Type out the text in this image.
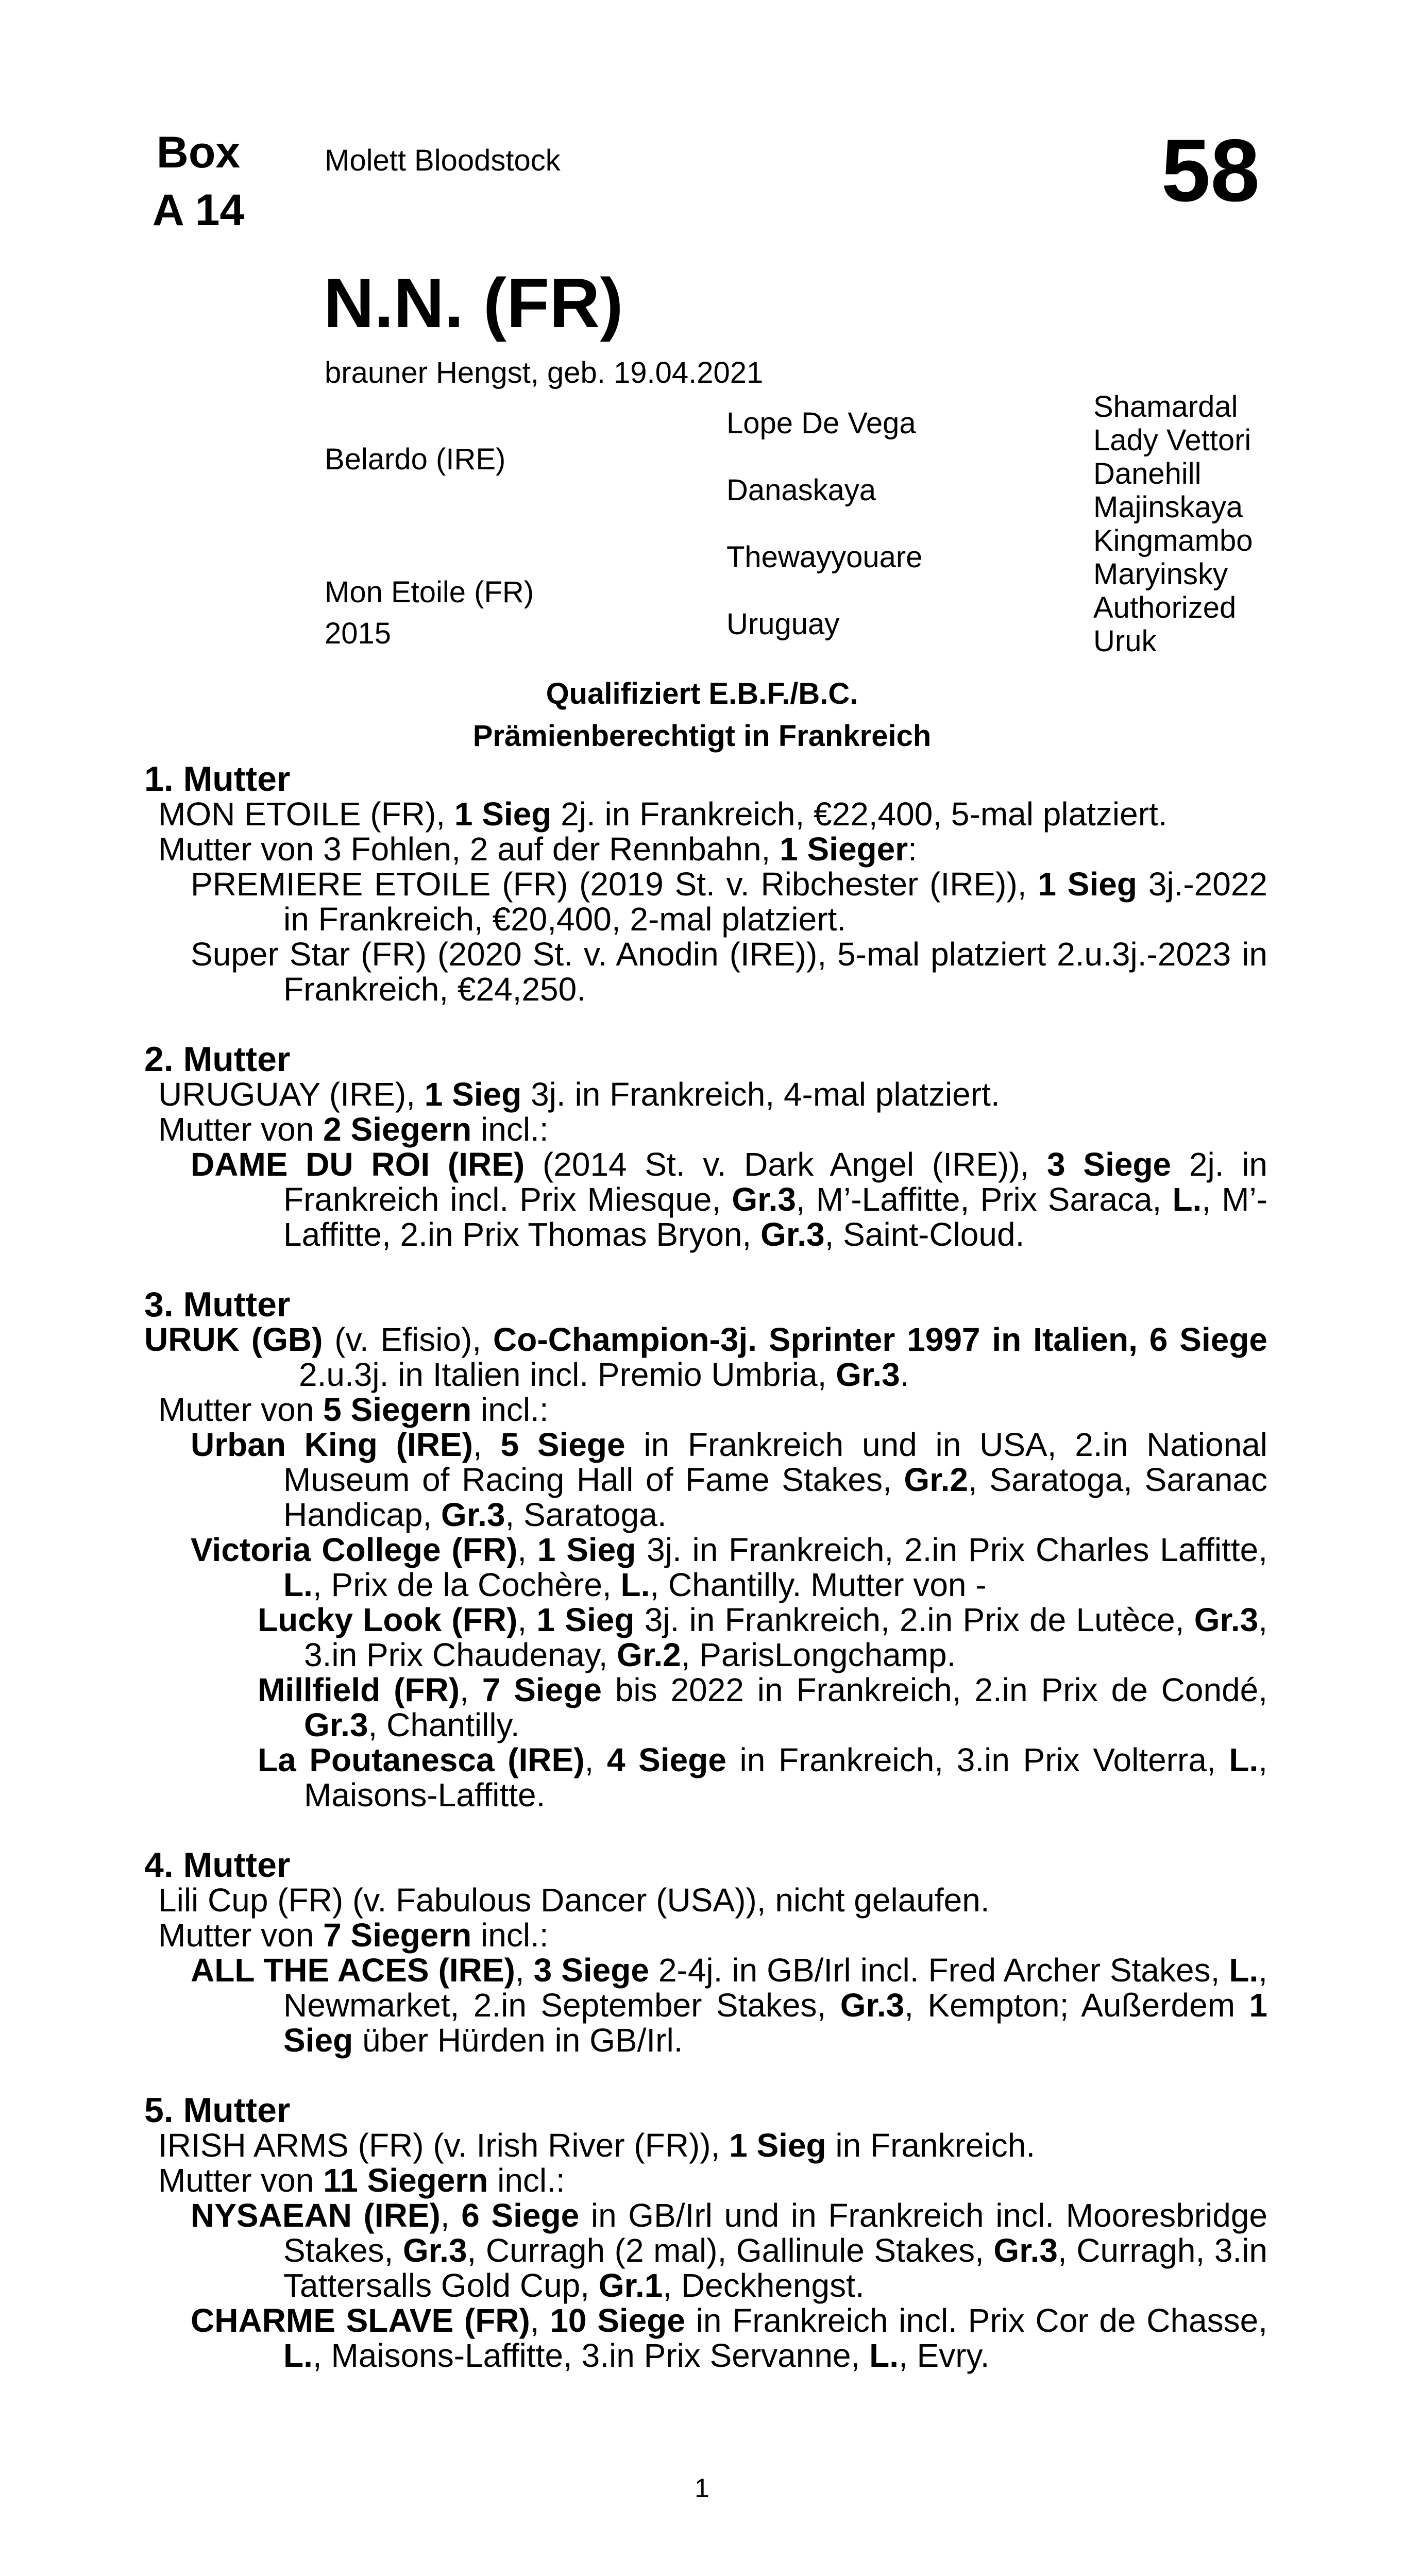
Box
A 14
Molett Bloodstock	58
N.N. (FR)
brauner Hengst, geb. 19.04.2021
Belardo (IRE)
Mon Etoile (FR)
2015
Lope De Vega
Danaskaya
Thewayyouare
Uruguay
Shamardal
Lady Vettori
Danehill
Majinskaya
Kingmambo
Maryinsky
Authorized
Uruk
Qualifiziert E.B.F./B.C.
Prämienberechtigt in Frankreich
1. Mutter
MON ETOILE (FR), 1 Sieg 2j. in Frankreich, €22,400, 5-mal platziert.
Mutter von 3 Fohlen, 2 auf der Rennbahn, 1 Sieger:
PREMIERE ETOILE (FR) (2019 St. v. Ribchester (IRE)), 1 Sieg 3j.-2022 in Frankreich, €20,400, 2-mal platziert.
Super Star (FR) (2020 St. v. Anodin (IRE)), 5-mal platziert 2.u.3j.-2023 in Frankreich, €24,250.
2. Mutter
URUGUAY (IRE), 1 Sieg 3j. in Frankreich, 4-mal platziert.
Mutter von 2 Siegern incl.:
DAME DU ROI (IRE) (2014 St. v. Dark Angel (IRE)), 3 Siege 2j. in Frankreich incl. Prix Miesque, Gr.3, M’-Laffitte, Prix Saraca, L., M’-Laffitte, 2.in Prix Thomas Bryon, Gr.3, Saint-Cloud.
3. Mutter
URUK (GB) (v. Efisio), Co-Champion-3j. Sprinter 1997 in Italien, 6 Siege 2.u.3j. in Italien incl. Premio Umbria, Gr.3.
Mutter von 5 Siegern incl.:
Urban King (IRE), 5 Siege in Frankreich und in USA, 2.in National Museum of Racing Hall of Fame Stakes, Gr.2, Saratoga, Saranac Handicap, Gr.3, Saratoga.
Victoria College (FR), 1 Sieg 3j. in Frankreich, 2.in Prix Charles Laffitte, L., Prix de la Cochère, L., Chantilly. Mutter von -
Lucky Look (FR), 1 Sieg 3j. in Frankreich, 2.in Prix de Lutèce, Gr.3, 3.in Prix Chaudenay, Gr.2, ParisLongchamp.
Millfield (FR), 7 Siege bis 2022 in Frankreich, 2.in Prix de Condé, Gr.3, Chantilly.
La Poutanesca (IRE), 4 Siege in Frankreich, 3.in Prix Volterra, L., Maisons-Laffitte.
4. Mutter
Lili Cup (FR) (v. Fabulous Dancer (USA)), nicht gelaufen.
Mutter von 7 Siegern incl.:
ALL THE ACES (IRE), 3 Siege 2-4j. in GB/Irl incl. Fred Archer Stakes, L., Newmarket, 2.in September Stakes, Gr.3, Kempton; Außerdem 1 Sieg über Hürden in GB/Irl.
5. Mutter
IRISH ARMS (FR) (v. Irish River (FR)), 1 Sieg in Frankreich.
Mutter von 11 Siegern incl.:
NYSAEAN (IRE), 6 Siege in GB/Irl und in Frankreich incl. Mooresbridge Stakes, Gr.3, Curragh (2 mal), Gallinule Stakes, Gr.3, Curragh, 3.in Tattersalls Gold Cup, Gr.1, Deckhengst.
CHARME SLAVE (FR), 10 Siege in Frankreich incl. Prix Cor de Chasse, L., Maisons-Laffitte, 3.in Prix Servanne, L., Evry.
1
